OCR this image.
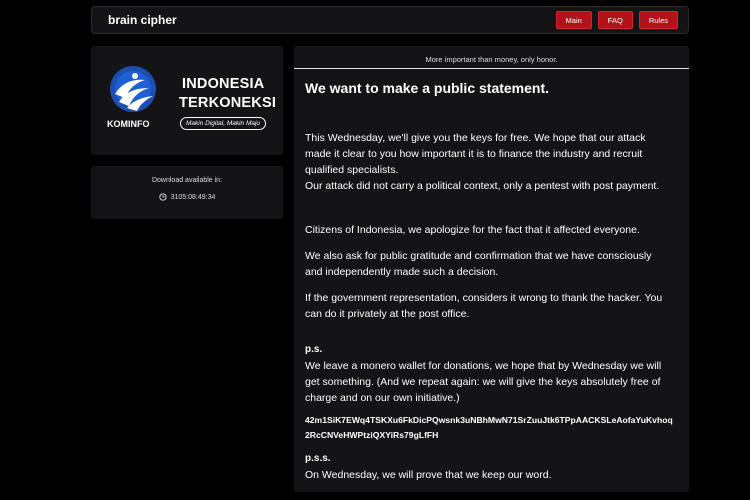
brain cipher	Main	FAQ	Rules
INDONESIA
TERKONEKSI
KOMINFO	Makin Digital, Makin Maju
Download available in:
3105:08:49:34
More important than money, only honor.
We want to make a public statement.
This Wednesday, we'll give you the keys for free. We hope that our attack
made it clear to you how important it is to finance the industry and recruit
qualified specialists.
Our attack did not carry a political context, only a pentest with post payment.
Citizens of Indonesia, we apologize for the fact that it affected everyone.
We also ask for public gratitude and confirmation that we have consciously
and independently made such a decision.
If the government representation, considers it wrong to thank the hacker. You
can do it privately at the post office.
p.s.
We leave a monero wallet for donations, we hope that by Wednesday we will
get something. (And we repeat again: we will give the keys absolutely free of
charge and on our own initiative.)
42m1SiK7EWq4TSKXu6FkDicPQwsnk3uNBhMwN71SrZuuJtk6TPpAACKSLeAofaYuKvhoq
2RcCNVeHWPtziQXYiRs79gLfFH
p.s.s.
On Wednesday, we will prove that we keep our word.
